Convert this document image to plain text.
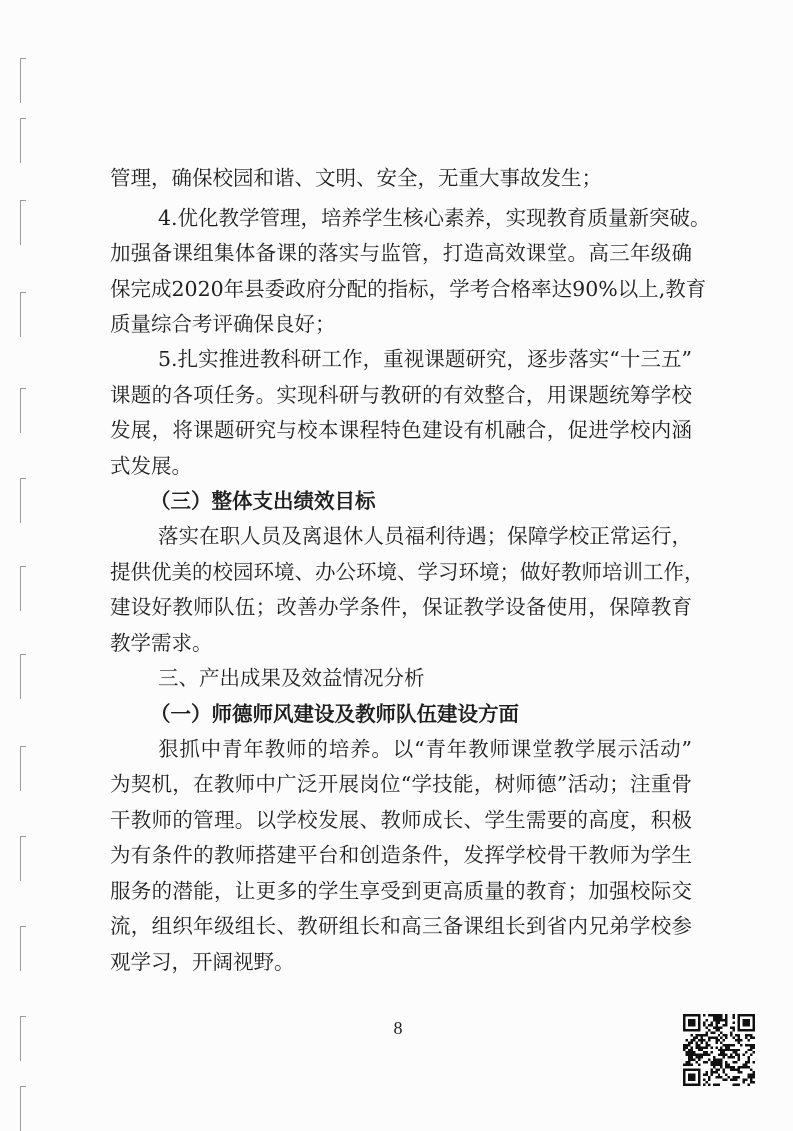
管理，确保校园和谐、文明、安全，无重大事故发生；
4.优化教学管理，培养学生核心素养，实现教育质量新突破。
加强备课组集体备课的落实与监管，打造高效课堂。高三年级确
保完成2020年县委政府分配的指标，学考合格率达90%以上,教育
质量综合考评确保良好；
5.扎实推进教科研工作，重视课题研究，逐步落实“十三五”
课题的各项任务。实现科研与教研的有效整合，用课题统筹学校
发展，将课题研究与校本课程特色建设有机融合，促进学校内涵
式发展。
（三）整体支出绩效目标
落实在职人员及离退休人员福利待遇；保障学校正常运行，
提供优美的校园环境、办公环境、学习环境；做好教师培训工作，
建设好教师队伍；改善办学条件，保证教学设备使用，保障教育
教学需求。
三、产出成果及效益情况分析
（一）师德师风建设及教师队伍建设方面
狠抓中青年教师的培养。以“青年教师课堂教学展示活动”
为契机，在教师中广泛开展岗位“学技能，树师德”活动；注重骨
干教师的管理。以学校发展、教师成长、学生需要的高度，积极
为有条件的教师搭建平台和创造条件，发挥学校骨干教师为学生
服务的潜能，让更多的学生享受到更高质量的教育；加强校际交
流，组织年级组长、教研组长和高三备课组长到省内兄弟学校参
观学习，开阔视野。
8
